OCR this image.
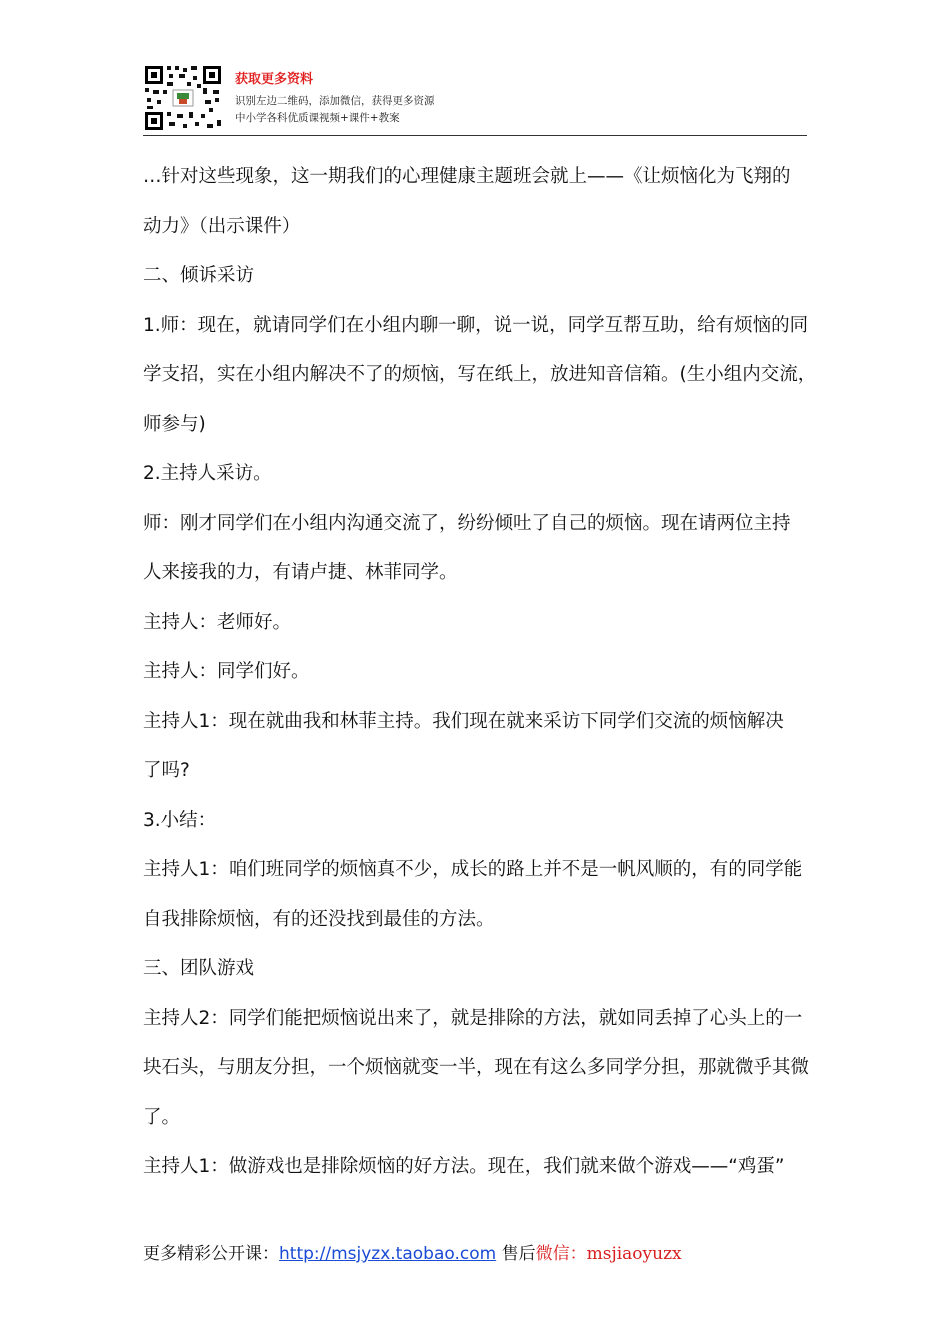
获取更多资料
识别左边二维码，添加微信，获得更多资源
中小学各科优质课视频+课件+教案

…针对这些现象，这一期我们的心理健康主题班会就上——《让烦恼化为飞翔的

动力》（出示课件）

二、倾诉采访

1.师：现在，就请同学们在小组内聊一聊，说一说，同学互帮互助，给有烦恼的同

学支招，实在小组内解决不了的烦恼，写在纸上，放进知音信箱。(生小组内交流，

师参与)

2.主持人采访。

师：刚才同学们在小组内沟通交流了，纷纷倾吐了自己的烦恼。现在请两位主持

人来接我的力，有请卢捷、林菲同学。

主持人：老师好。

主持人：同学们好。

主持人1：现在就曲我和林菲主持。我们现在就来采访下同学们交流的烦恼解决

了吗?

3.小结：

主持人1：咱们班同学的烦恼真不少，成长的路上并不是一帆风顺的，有的同学能

自我排除烦恼，有的还没找到最佳的方法。

三、团队游戏

主持人2：同学们能把烦恼说出来了，就是排除的方法，就如同丢掉了心头上的一

块石头，与朋友分担，一个烦恼就变一半，现在有这么多同学分担，那就微乎其微

了。

主持人1：做游戏也是排除烦恼的好方法。现在，我们就来做个游戏——“鸡蛋”

更多精彩公开课：http://msjyzx.taobao.com 售后微信：msjiaoyuzx
